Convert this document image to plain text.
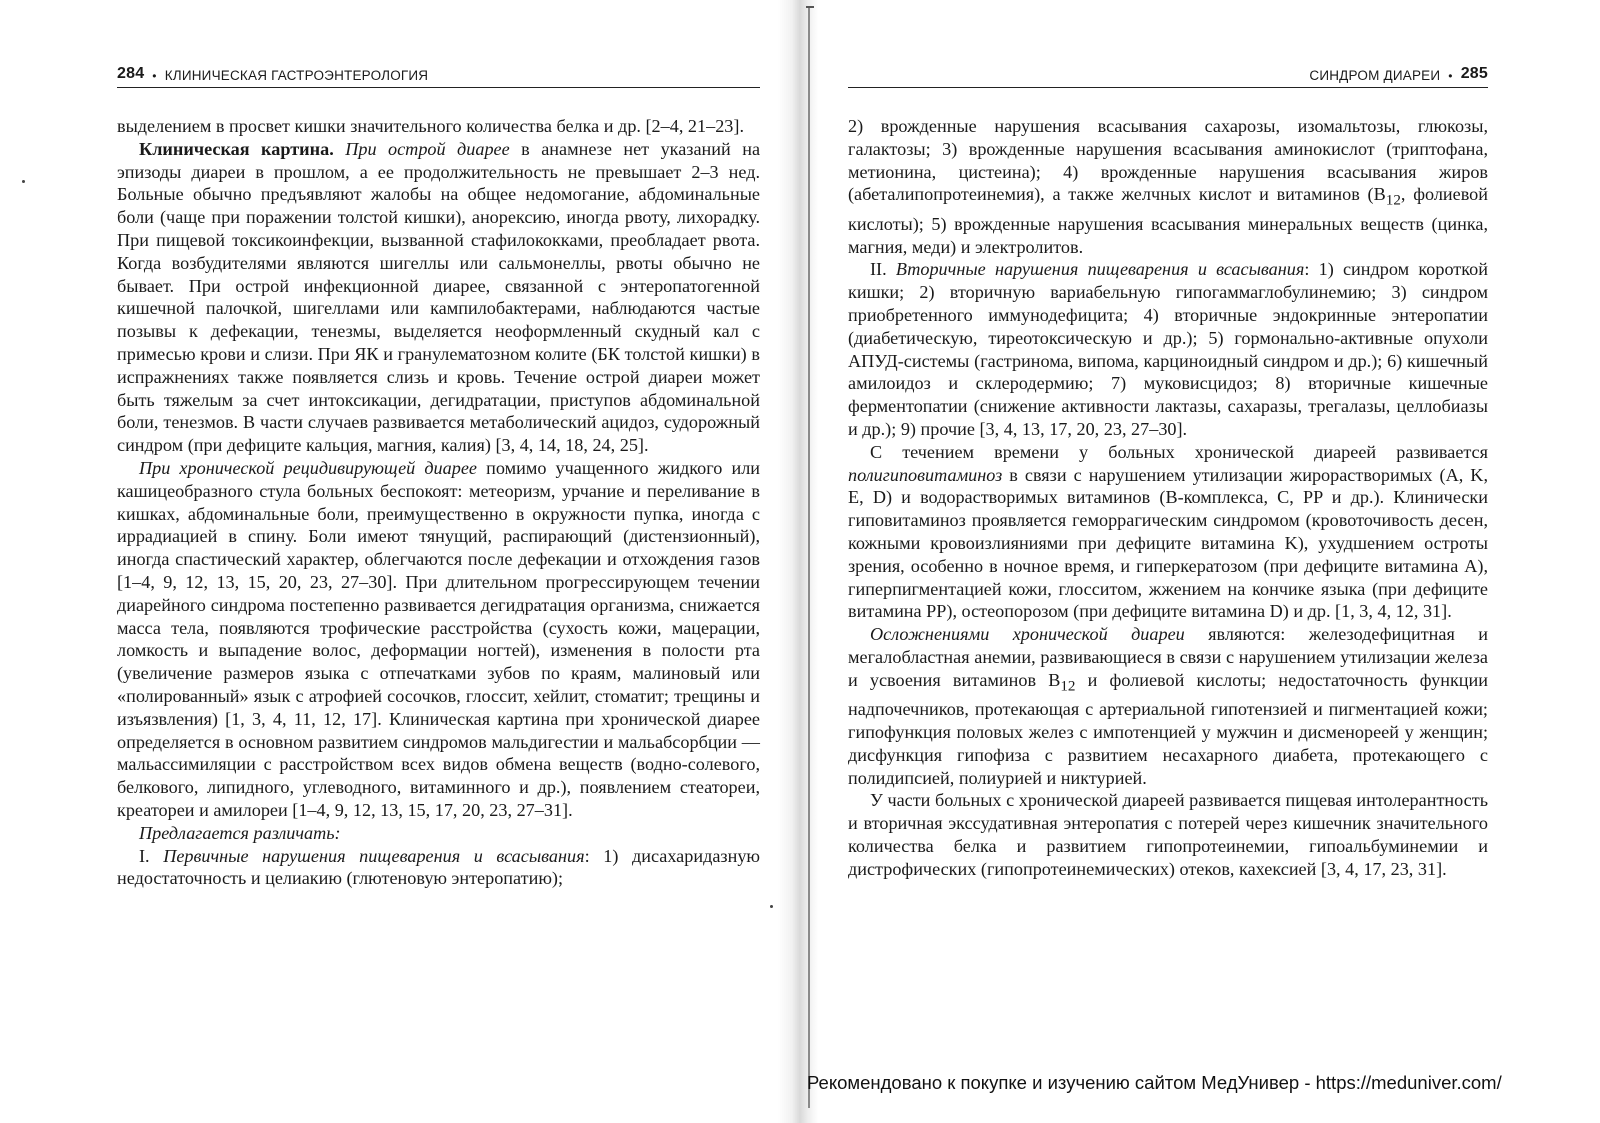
284 • КЛИНИЧЕСКАЯ ГАСТРОЭНТЕРОЛОГИЯ

выделением в просвет кишки значительного количества белка и др. [2–4, 21–23].

Клиническая картина. При острой диарее в анамнезе нет указаний на эпизоды диареи в прошлом, а ее продолжительность не превышает 2–3 нед. Больные обычно предъявляют жалобы на общее недомогание, абдоминальные боли (чаще при поражении толстой кишки), анорексию, иногда рвоту, лихорадку. При пищевой токсикоинфекции, вызванной стафилококками, преобладает рвота. Когда возбудителями являются шигеллы или сальмонеллы, рвоты обычно не бывает. При острой инфекционной диарее, связанной с энтеропатогенной кишечной палочкой, шигеллами или кампилобактерами, наблюдаются частые позывы к дефекации, тенезмы, выделяется неоформленный скудный кал с примесью крови и слизи. При ЯК и гранулематозном колите (БК толстой кишки) в испражнениях также появляется слизь и кровь. Течение острой диареи может быть тяжелым за счет интоксикации, дегидратации, приступов абдоминальной боли, тенезмов. В части случаев развивается метаболический ацидоз, судорожный синдром (при дефиците кальция, магния, калия) [3, 4, 14, 18, 24, 25].

При хронической рецидивирующей диарее помимо учащенного жидкого или кашицеобразного стула больных беспокоят: метеоризм, урчание и переливание в кишках, абдоминальные боли, преимущественно в окружности пупка, иногда с иррадиацией в спину. Боли имеют тянущий, распирающий (дистензионный), иногда спастический характер, облегчаются после дефекации и отхождения газов [1–4, 9, 12, 13, 15, 20, 23, 27–30]. При длительном прогрессирующем течении диарейного синдрома постепенно развивается дегидратация организма, снижается масса тела, появляются трофические расстройства (сухость кожи, мацерации, ломкость и выпадение волос, деформации ногтей), изменения в полости рта (увеличение размеров языка с отпечатками зубов по краям, малиновый или «полированный» язык с атрофией сосочков, глоссит, хейлит, стоматит; трещины и изъязвления) [1, 3, 4, 11, 12, 17]. Клиническая картина при хронической диарее определяется в основном развитием синдромов мальдигестии и мальабсорбции — мальассимиляции с расстройством всех видов обмена веществ (водно-солевого, белкового, липидного, углеводного, витаминного и др.), появлением стеатореи, креатореи и амилореи [1–4, 9, 12, 13, 15, 17, 20, 23, 27–31].

Предлагается различать:

I. Первичные нарушения пищеварения и всасывания: 1) дисахаридазную недостаточность и целиакию (глютеновую энтеропатию);

СИНДРОМ ДИАРЕИ • 285

2) врожденные нарушения всасывания сахарозы, изомальтозы, глюкозы, галактозы; 3) врожденные нарушения всасывания аминокислот (триптофана, метионина, цистеина); 4) врожденные нарушения всасывания жиров (абеталипопротеинемия), а также желчных кислот и витаминов ($B_{12}$, фолиевой кислоты); 5) врожденные нарушения всасывания минеральных веществ (цинка, магния, меди) и электролитов.

II. Вторичные нарушения пищеварения и всасывания: 1) синдром короткой кишки; 2) вторичную вариабельную гипогаммаглобулинемию; 3) синдром приобретенного иммунодефицита; 4) вторичные эндокринные энтеропатии (диабетическую, тиреотоксическую и др.); 5) гормонально-активные опухоли АПУД-системы (гастринома, випома, карциноидный синдром и др.); 6) кишечный амилоидоз и склеродермию; 7) муковисцидоз; 8) вторичные кишечные ферментопатии (снижение активности лактазы, сахаразы, трегалазы, целлобиазы и др.); 9) прочие [3, 4, 13, 17, 20, 23, 27–30].

С течением времени у больных хронической диареей развивается полигиповитаминоз в связи с нарушением утилизации жирорастворимых (A, K, E, D) и водорастворимых витаминов (B-комплекса, C, PP и др.). Клинически гиповитаминоз проявляется геморрагическим синдромом (кровоточивость десен, кожными кровоизлияниями при дефиците витамина K), ухудшением остроты зрения, особенно в ночное время, и гиперкератозом (при дефиците витамина A), гиперпигментацией кожи, глосситом, жжением на кончике языка (при дефиците витамина PP), остеопорозом (при дефиците витамина D) и др. [1, 3, 4, 12, 31].

Осложнениями хронической диареи являются: железодефицитная и мегалобластная анемии, развивающиеся в связи с нарушением утилизации железа и усвоения витаминов $B_{12}$ и фолиевой кислоты; недостаточность функции надпочечников, протекающая с артериальной гипотензией и пигментацией кожи; гипофункция половых желез с импотенцией у мужчин и дисменореей у женщин; дисфункция гипофиза с развитием несахарного диабета, протекающего с полидипсией, полиурией и никтурией.

У части больных с хронической диареей развивается пищевая интолерантность и вторичная экссудативная энтеропатия с потерей через кишечник значительного количества белка и развитием гипопротеинемии, гипоальбуминемии и дистрофических (гипопротеинемических) отеков, кахексией [3, 4, 17, 23, 31].

Рекомендовано к покупке и изучению сайтом МедУнивер - https://meduniver.com/
